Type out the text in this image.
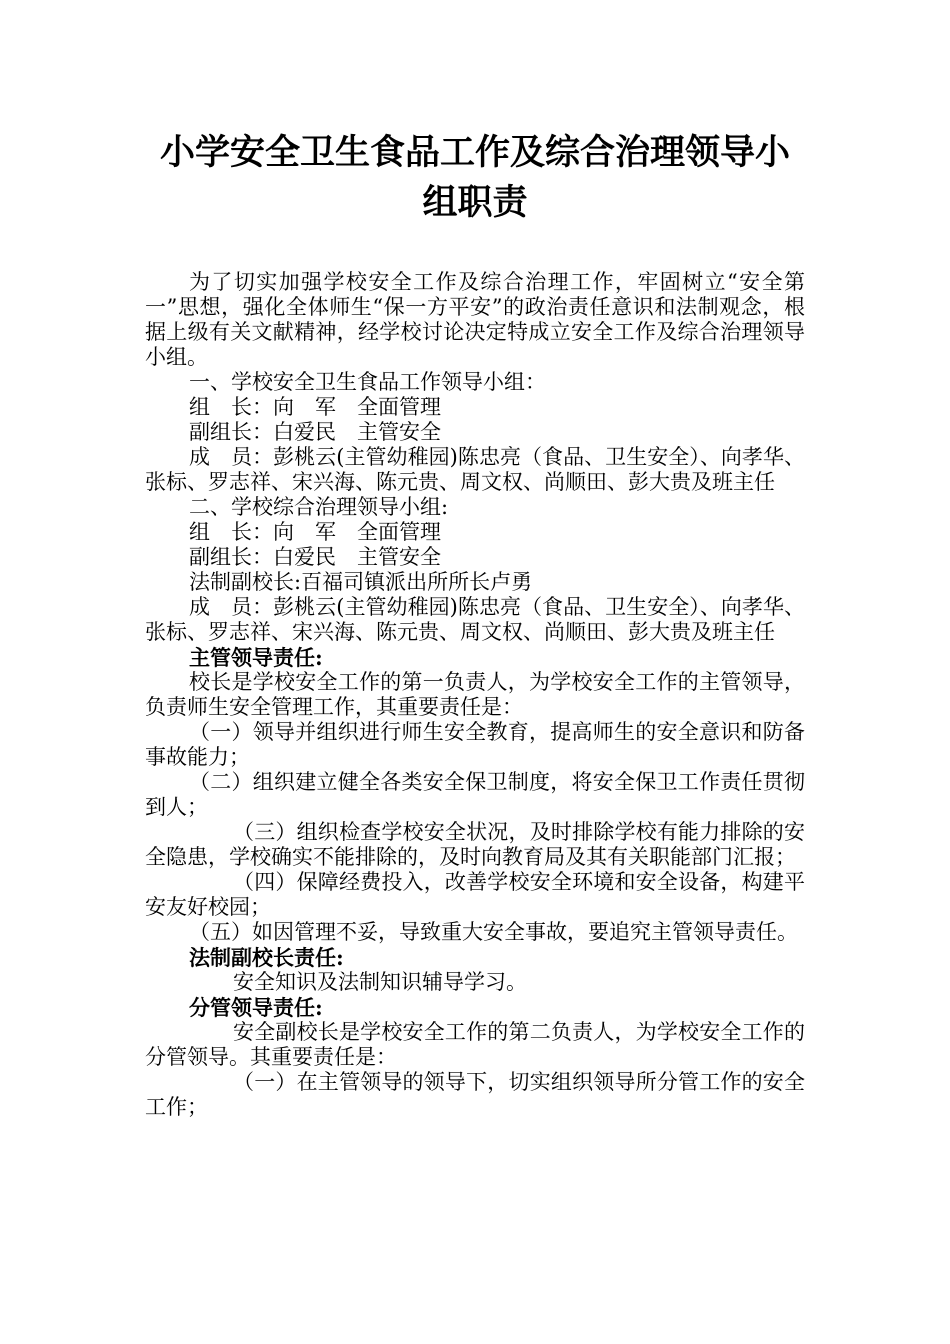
小学安全卫生食品工作及综合治理领导小
组职责

为了切实加强学校安全工作及综合治理工作，牢固树立“安全第一”思想，强化全体师生“保一方平安”的政治责任意识和法制观念，根据上级有关文献精神，经学校讨论决定特成立安全工作及综合治理领导小组。

一、学校安全卫生食品工作领导小组：

组　长：向　军　全面管理

副组长：白爱民　主管安全

成　员：彭桃云(主管幼稚园)陈忠亮（食品、卫生安全）、向孝华、张标、罗志祥、宋兴海、陈元贵、周文权、尚顺田、彭大贵及班主任

二、学校综合治理领导小组:

组　长：向　军　全面管理

副组长：白爱民　主管安全

法制副校长:百福司镇派出所所长卢勇

成　员：彭桃云(主管幼稚园)陈忠亮（食品、卫生安全）、向孝华、张标、罗志祥、宋兴海、陈元贵、周文权、尚顺田、彭大贵及班主任

主管领导责任:

校长是学校安全工作的第一负责人，为学校安全工作的主管领导，负责师生安全管理工作，其重要责任是：

（一）领导并组织进行师生安全教育，提高师生的安全意识和防备事故能力；

（二）组织建立健全各类安全保卫制度，将安全保卫工作责任贯彻到人；

（三）组织检查学校安全状况，及时排除学校有能力排除的安全隐患，学校确实不能排除的，及时向教育局及其有关职能部门汇报；

（四）保障经费投入，改善学校安全环境和安全设备，构建平安友好校园；

（五）如因管理不妥，导致重大安全事故，要追究主管领导责任。

法制副校长责任:

安全知识及法制知识辅导学习。

分管领导责任:

安全副校长是学校安全工作的第二负责人，为学校安全工作的分管领导。其重要责任是：

（一）在主管领导的领导下，切实组织领导所分管工作的安全工作；
